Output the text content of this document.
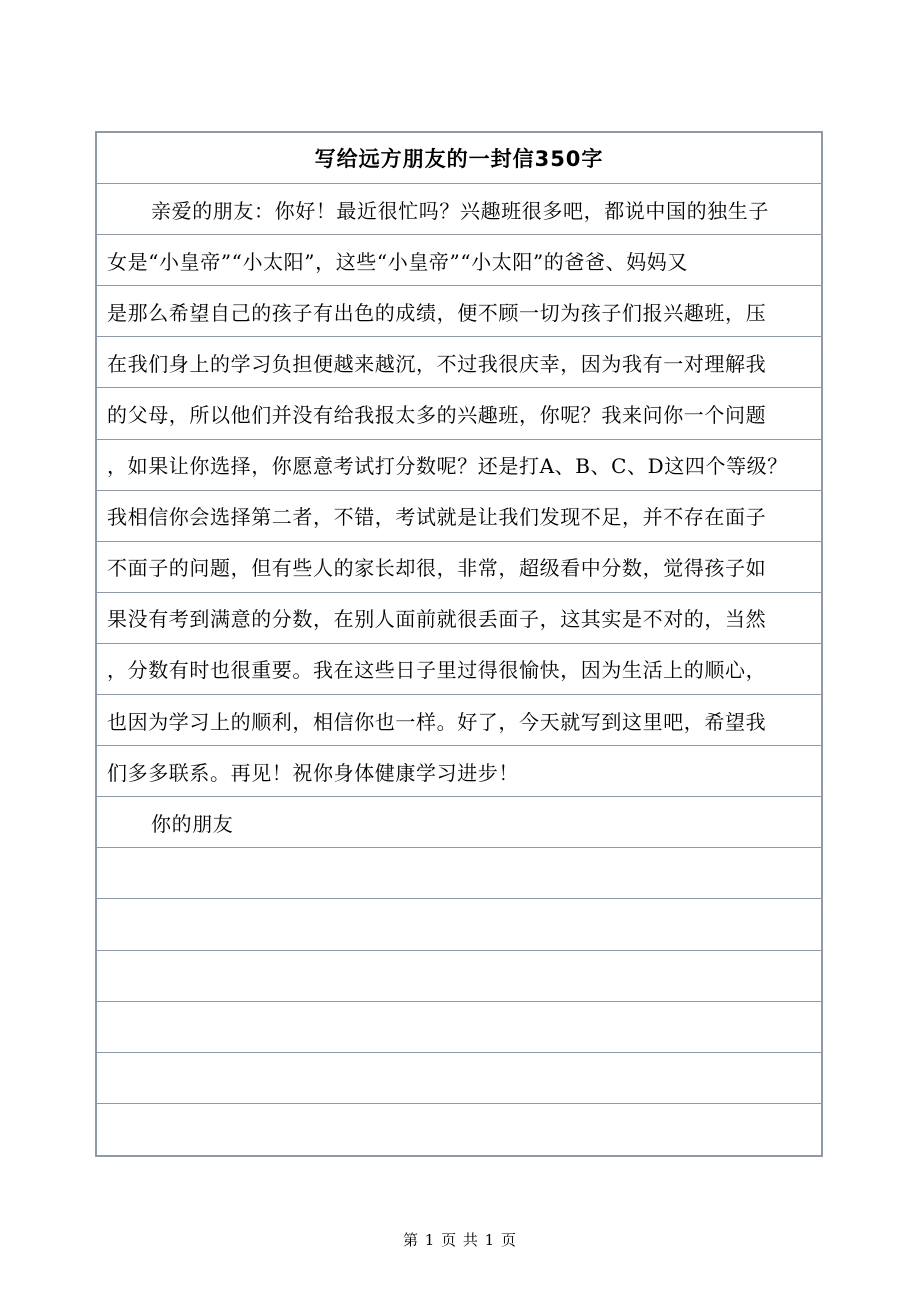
写给远方朋友的一封信350字
亲爱的朋友：你好！最近很忙吗？兴趣班很多吧，都说中国的独生子
女是“小皇帝”“小太阳”，这些“小皇帝”“小太阳”的爸爸、妈妈又
是那么希望自己的孩子有出色的成绩，便不顾一切为孩子们报兴趣班，压
在我们身上的学习负担便越来越沉，不过我很庆幸，因为我有一对理解我
的父母，所以他们并没有给我报太多的兴趣班，你呢？我来问你一个问题
，如果让你选择，你愿意考试打分数呢？还是打A、B、C、D这四个等级？
我相信你会选择第二者，不错，考试就是让我们发现不足，并不存在面子
不面子的问题，但有些人的家长却很，非常，超级看中分数，觉得孩子如
果没有考到满意的分数，在别人面前就很丢面子，这其实是不对的，当然
，分数有时也很重要。我在这些日子里过得很愉快，因为生活上的顺心，
也因为学习上的顺利，相信你也一样。好了，今天就写到这里吧，希望我
们多多联系。再见！祝你身体健康学习进步！
你的朋友
第 1 页 共 1 页
